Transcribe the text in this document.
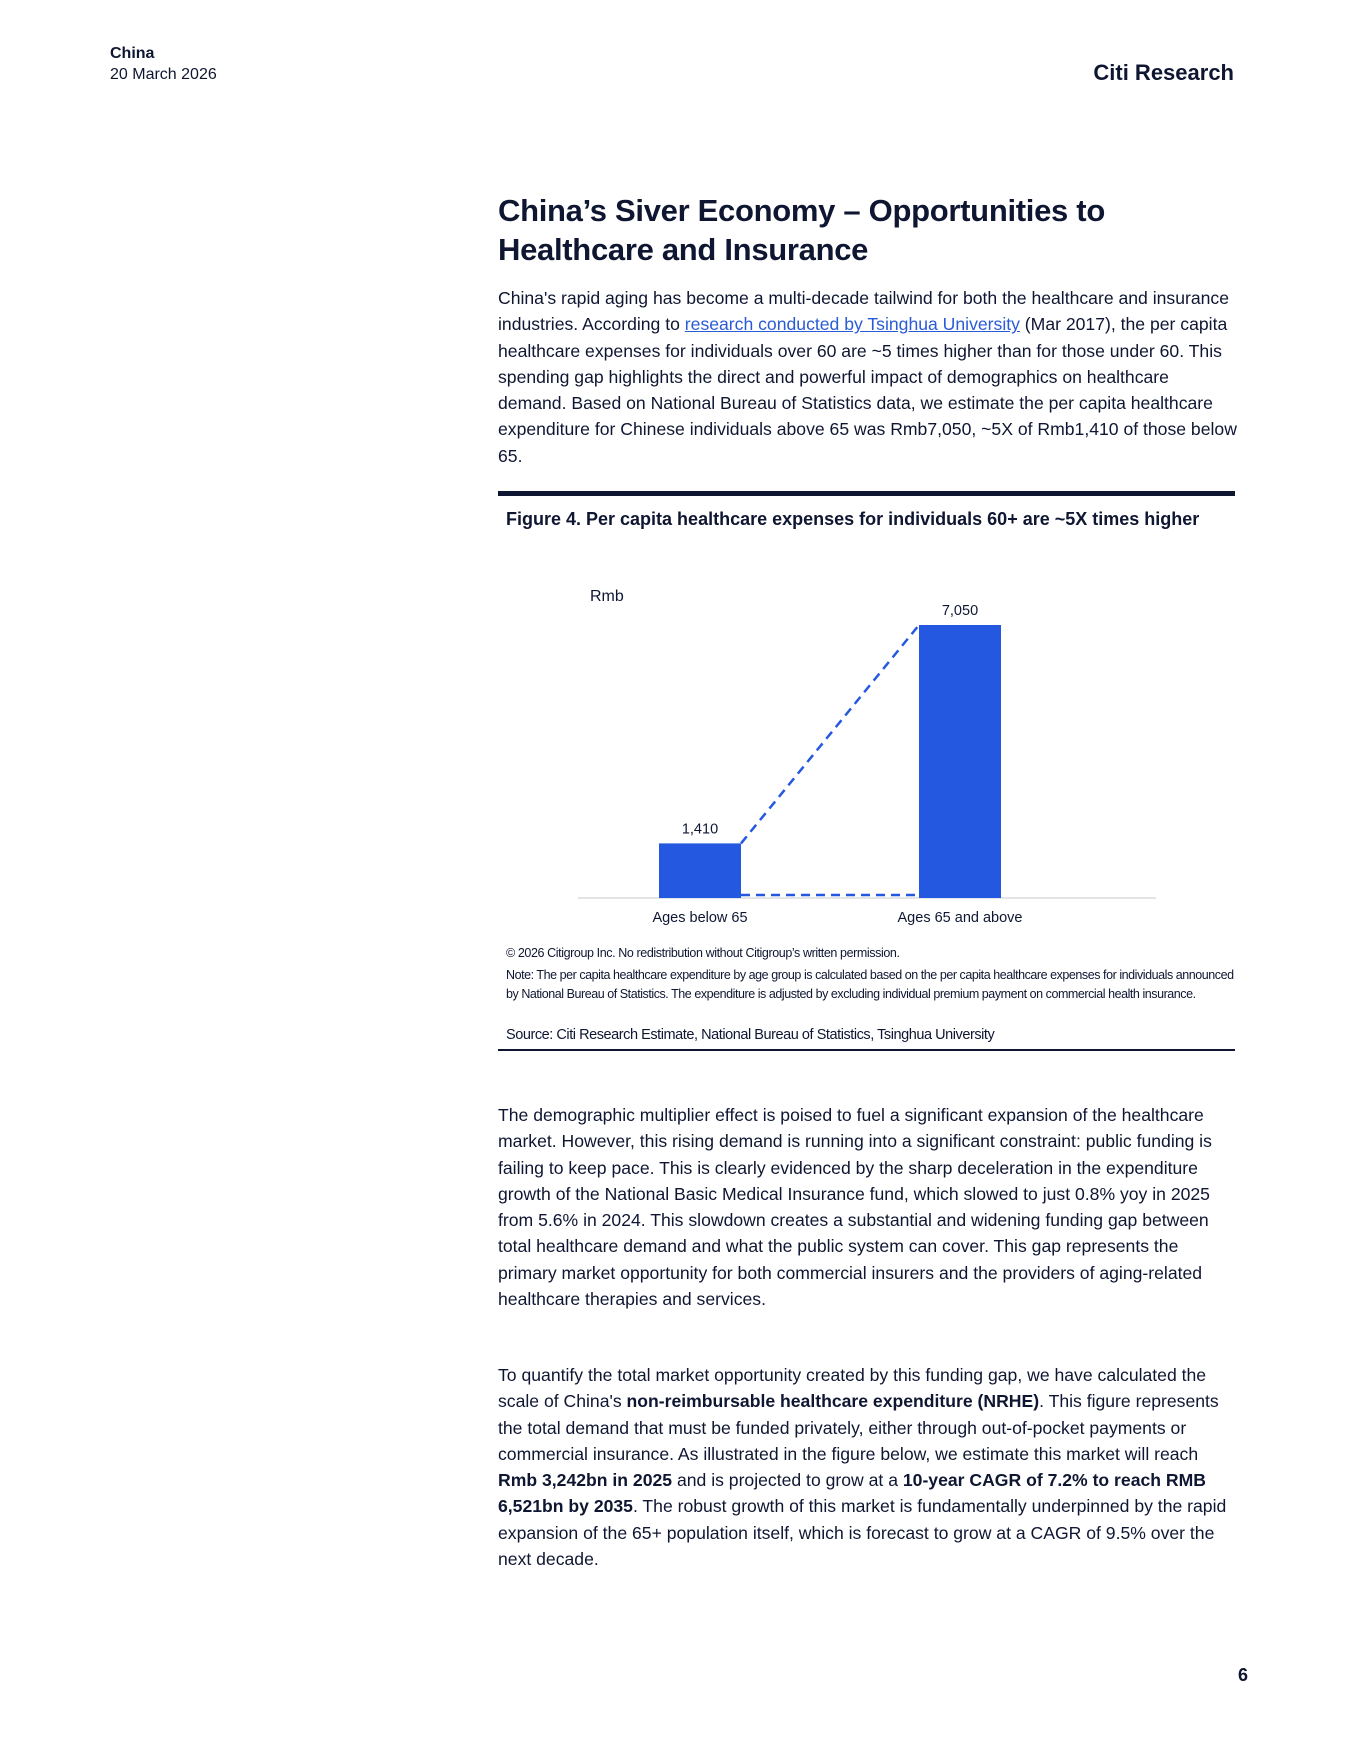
China
20 March 2026	Citi Research
China’s Siver Economy – Opportunities to Healthcare and Insurance

China's rapid aging has become a multi-decade tailwind for both the healthcare and insurance industries. According to research conducted by Tsinghua University (Mar 2017), the per capita healthcare expenses for individuals over 60 are ~5 times higher than for those under 60. This spending gap highlights the direct and powerful impact of demographics on healthcare demand. Based on National Bureau of Statistics data, we estimate the per capita healthcare expenditure for Chinese individuals above 65 was Rmb7,050, ~5X of Rmb1,410 of those below 65.

Figure 4. Per capita healthcare expenses for individuals 60+ are ~5X times higher
Rmb
1,410
Ages below 65
7,050
Ages 65 and above
© 2026 Citigroup Inc. No redistribution without Citigroup’s written permission.
Note: The per capita healthcare expenditure by age group is calculated based on the per capita healthcare expenses for individuals announced by National Bureau of Statistics. The expenditure is adjusted by excluding individual premium payment on commercial health insurance.
Source: Citi Research Estimate, National Bureau of Statistics, Tsinghua University

The demographic multiplier effect is poised to fuel a significant expansion of the healthcare market. However, this rising demand is running into a significant constraint: public funding is failing to keep pace. This is clearly evidenced by the sharp deceleration in the expenditure growth of the National Basic Medical Insurance fund, which slowed to just 0.8% yoy in 2025 from 5.6% in 2024. This slowdown creates a substantial and widening funding gap between total healthcare demand and what the public system can cover. This gap represents the primary market opportunity for both commercial insurers and the providers of aging-related healthcare therapies and services.

To quantify the total market opportunity created by this funding gap, we have calculated the scale of China's non-reimbursable healthcare expenditure (NRHE). This figure represents the total demand that must be funded privately, either through out-of-pocket payments or commercial insurance. As illustrated in the figure below, we estimate this market will reach Rmb 3,242bn in 2025 and is projected to grow at a 10-year CAGR of 7.2% to reach RMB 6,521bn by 2035. The robust growth of this market is fundamentally underpinned by the rapid expansion of the 65+ population itself, which is forecast to grow at a CAGR of 9.5% over the next decade.

6
